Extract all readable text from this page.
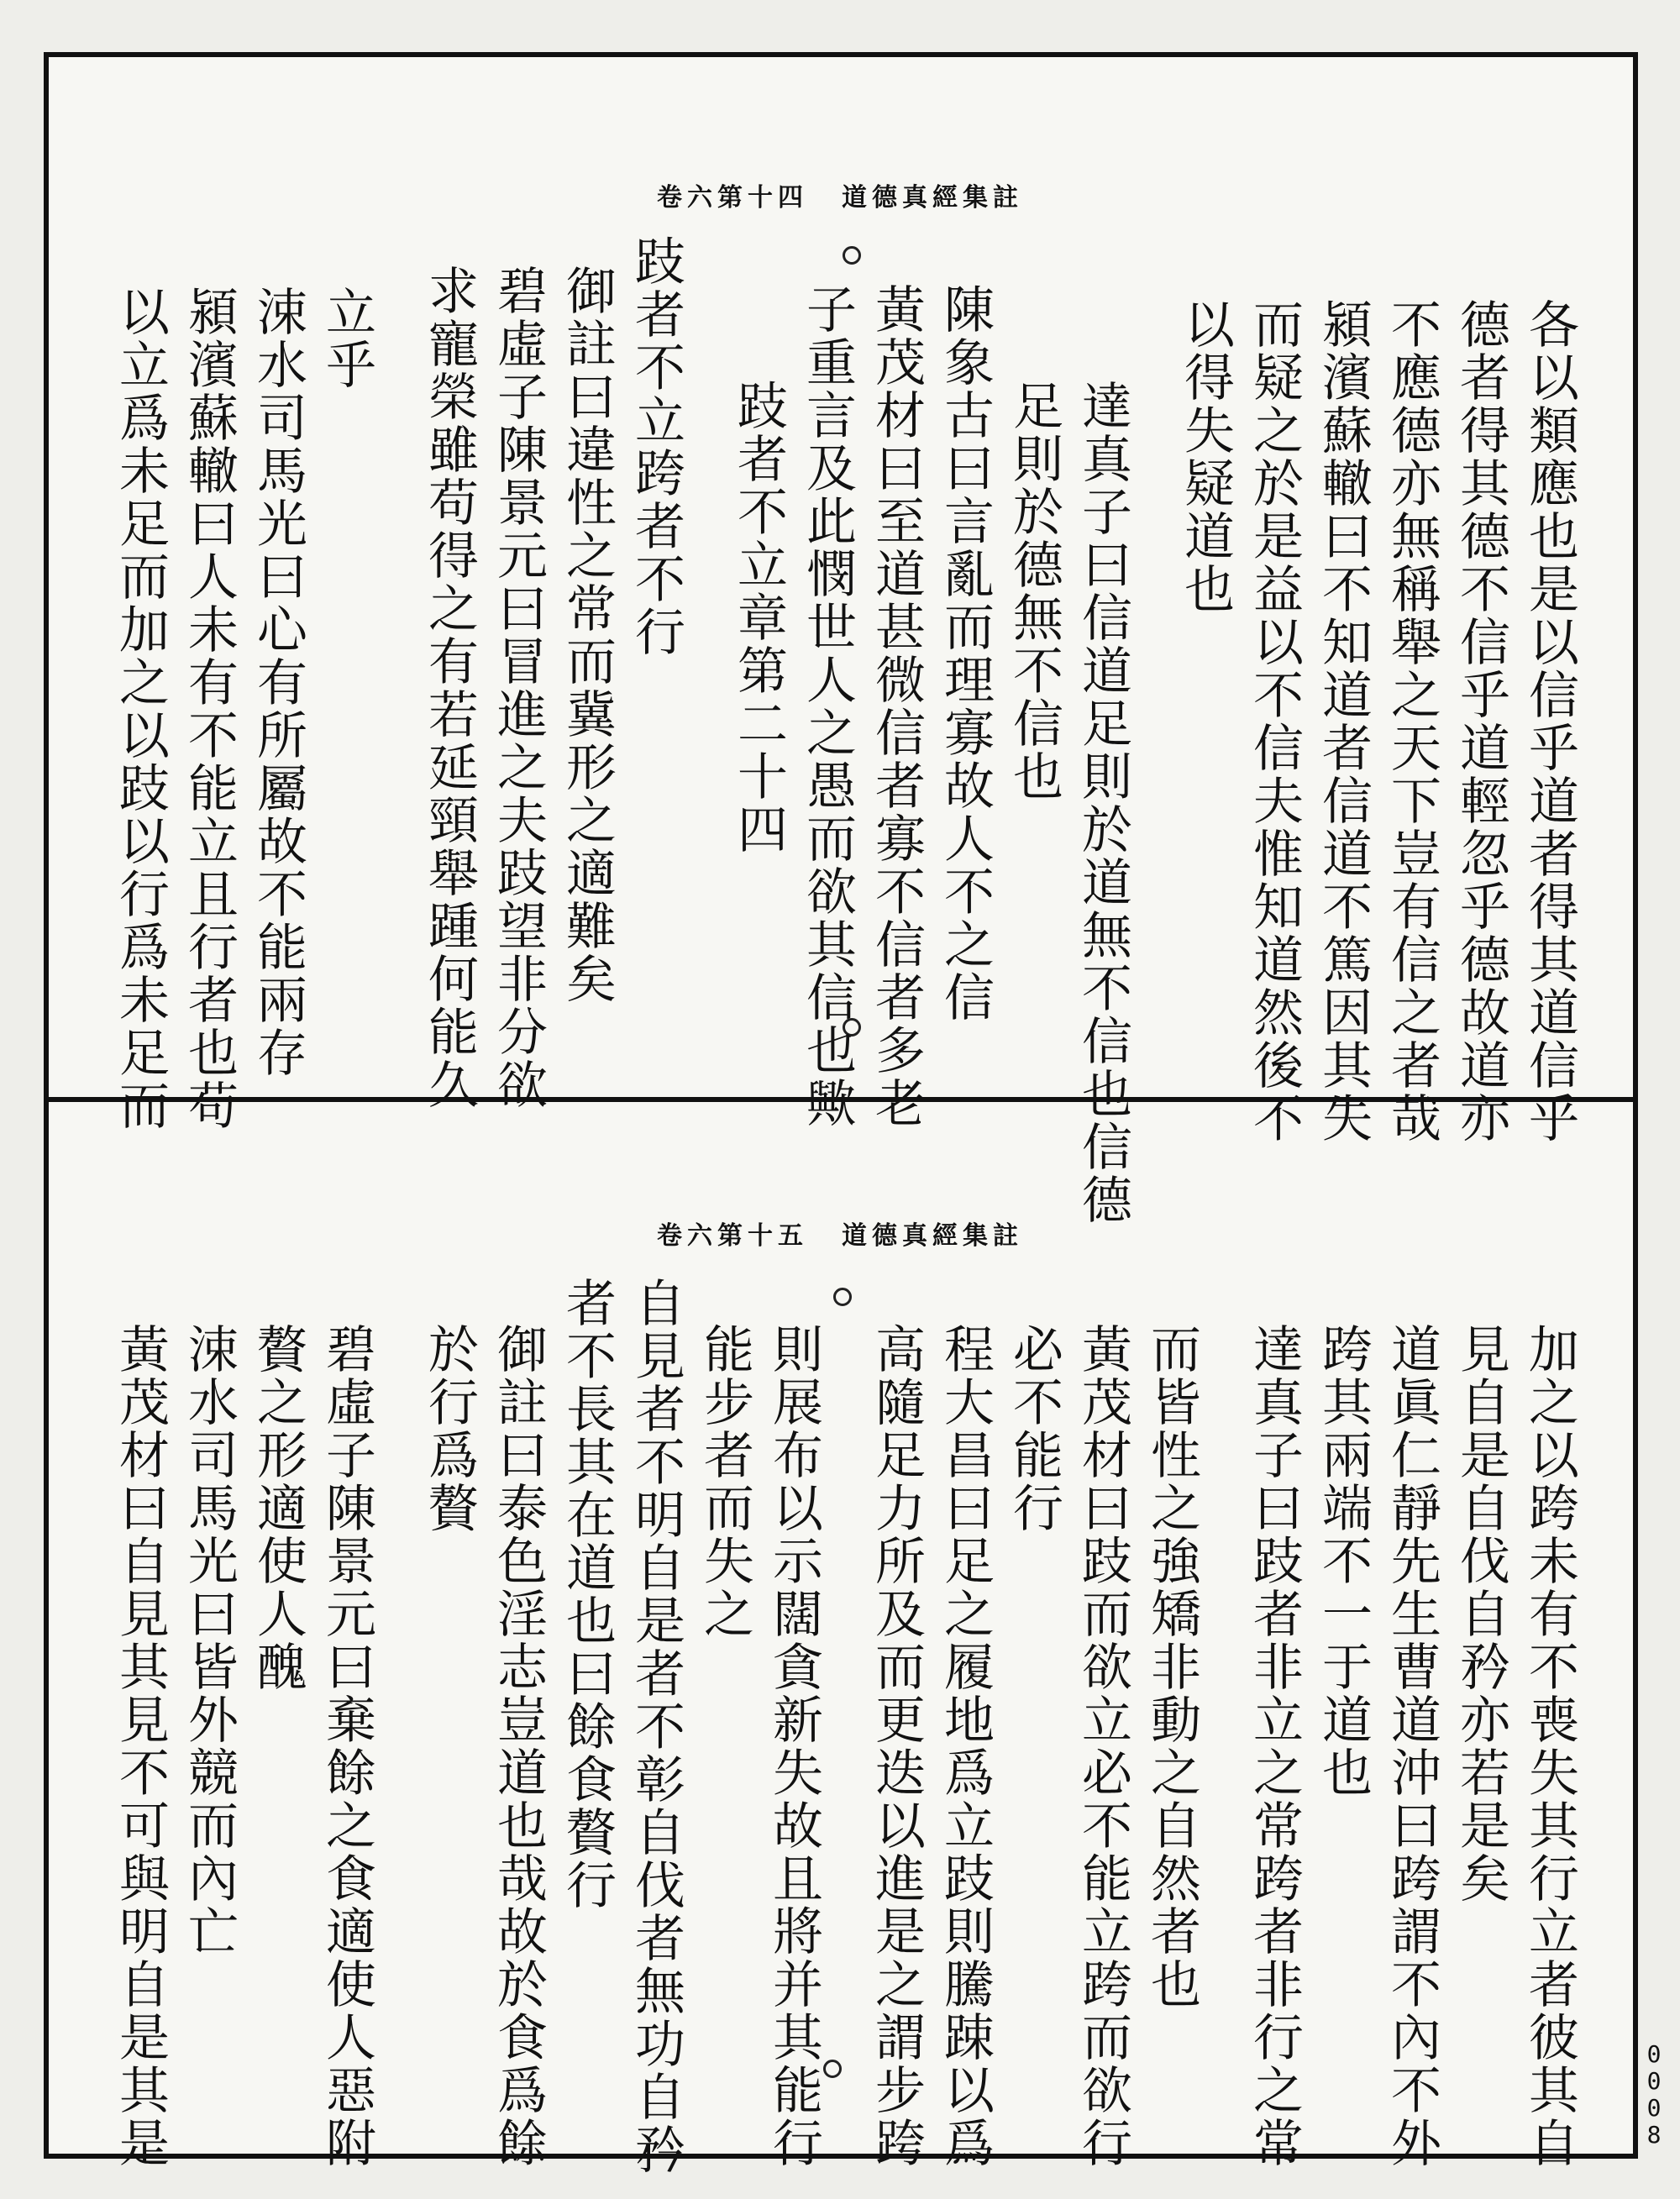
卷六第十四 道德真經集註
各以類應也是以信乎道者得其道信乎
德者得其德不信乎道輕忽乎德故道亦
不應德亦無稱舉之天下豈有信之者哉
潁濱蘇轍曰不知道者信道不篤因其失
而疑之於是益以不信夫惟知道然後不
以得失疑道也
達真子曰信道足則於道無不信也信德
足則於德無不信也
陳象古曰言亂而理寡故人不之信
黃茂材曰至道甚微信者寡不信者多老
子重言及此憫世人之愚而欲其信也歟
跂者不立章第二十四
跂者不立跨者不行
御註曰違性之常而冀形之適難矣
碧虛子陳景元曰冒進之夫跂望非分欲
求寵榮雖苟得之有若延頸舉踵何能久
立乎
涑水司馬光曰心有所屬故不能兩存
潁濱蘇轍曰人未有不能立且行者也苟
以立爲未足而加之以跂以行爲未足而
卷六第十五 道德真經集註
加之以跨未有不喪失其行立者彼其自
見自是自伐自矜亦若是矣
道眞仁靜先生曹道沖曰跨謂不內不外
跨其兩端不一于道也
達真子曰跂者非立之常跨者非行之常
而皆性之強矯非動之自然者也
黃茂材曰跂而欲立必不能立跨而欲行
必不能行
程大昌曰足之履地爲立跂則騰踈以爲
高隨足力所及而更迭以進是之謂步跨
則展布以示闊貪新失故且將并其能行
能步者而失之
自見者不明自是者不彰自伐者無功自矜
者不長其在道也曰餘食贅行
御註曰泰色淫志豈道也哉故於食爲餘
於行爲贅
碧虛子陳景元曰棄餘之食適使人惡附
贅之形適使人醜
涑水司馬光曰皆外競而內亡
黃茂材曰自見其見不可與明自是其是	0
0
0
8
